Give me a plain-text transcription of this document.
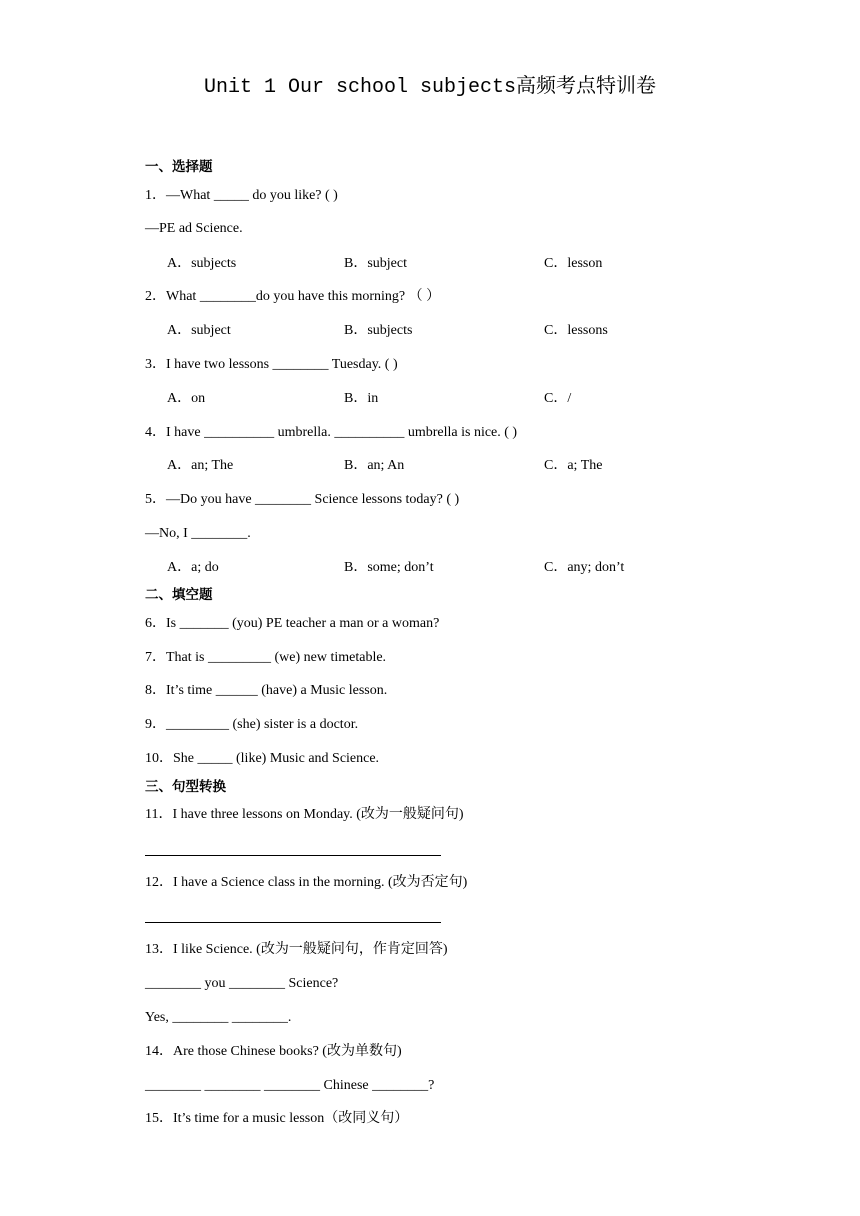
Unit 1 Our school subjects高频考点特训卷
一、选择题
1．—What _____ do you like? ( )
—PE ad Science.
A．subjects	B．subject	C．lesson
2．What ________do you have this morning? （ ）
A．subject	B．subjects	C．lessons
3．I have two lessons ________ Tuesday. ( )
A．on	B．in	C．/
4．I have __________ umbrella. __________ umbrella is nice. ( )
A．an; The	B．an; An	C．a; The
5．—Do you have ________ Science lessons today? ( )
—No, I ________.
A．a; do	B．some; don’t	C．any; don’t
二、填空题
6．Is _______ (you) PE teacher a man or a woman?
7．That is _________ (we) new timetable.
8．It’s time ______ (have) a Music lesson.
9．_________ (she) sister is a doctor.
10．She _____ (like) Music and Science.
三、句型转换
11．I have three lessons on Monday. (改为一般疑问句)
12．I have a Science class in the morning. (改为否定句)
13．I like Science. (改为一般疑问句，作肯定回答)
________ you ________ Science?
Yes, ________ ________.
14．Are those Chinese books? (改为单数句)
________ ________ ________ Chinese ________?
15．It’s time for a music lesson（改同义句）
